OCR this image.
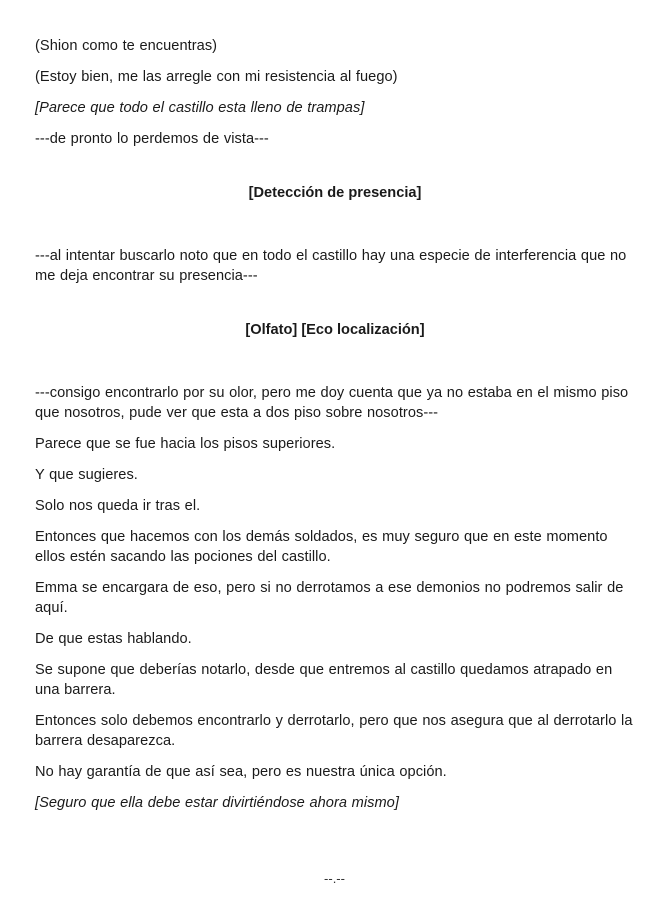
(Shion como te encuentras)

(Estoy bien, me las arregle con mi resistencia al fuego)

[Parece que todo el castillo esta lleno de trampas]

---de pronto lo perdemos de vista---

[Detección de presencia]

---al intentar buscarlo noto que en todo el castillo hay una especie de interferencia que no me deja encontrar su presencia---

[Olfato] [Eco localización]

---consigo encontrarlo por su olor, pero me doy cuenta que ya no estaba en el mismo piso que nosotros, pude ver que esta a dos piso sobre nosotros---

Parece que se fue hacia los pisos superiores.

Y que sugieres.

Solo nos queda ir tras el.

Entonces que hacemos con los demás soldados, es muy seguro que en este momento ellos estén sacando las pociones del castillo.

Emma se encargara de eso, pero si no derrotamos a ese demonios no podremos salir de aquí.

De que estas hablando.

Se supone que deberías notarlo, desde que entremos al castillo quedamos atrapado en una barrera.

Entonces solo debemos encontrarlo y derrotarlo, pero que nos asegura que al derrotarlo la barrera desaparezca.

No hay garantía de que así sea, pero es nuestra única opción.

[Seguro que ella debe estar divirtiéndose ahora mismo]

--.--
